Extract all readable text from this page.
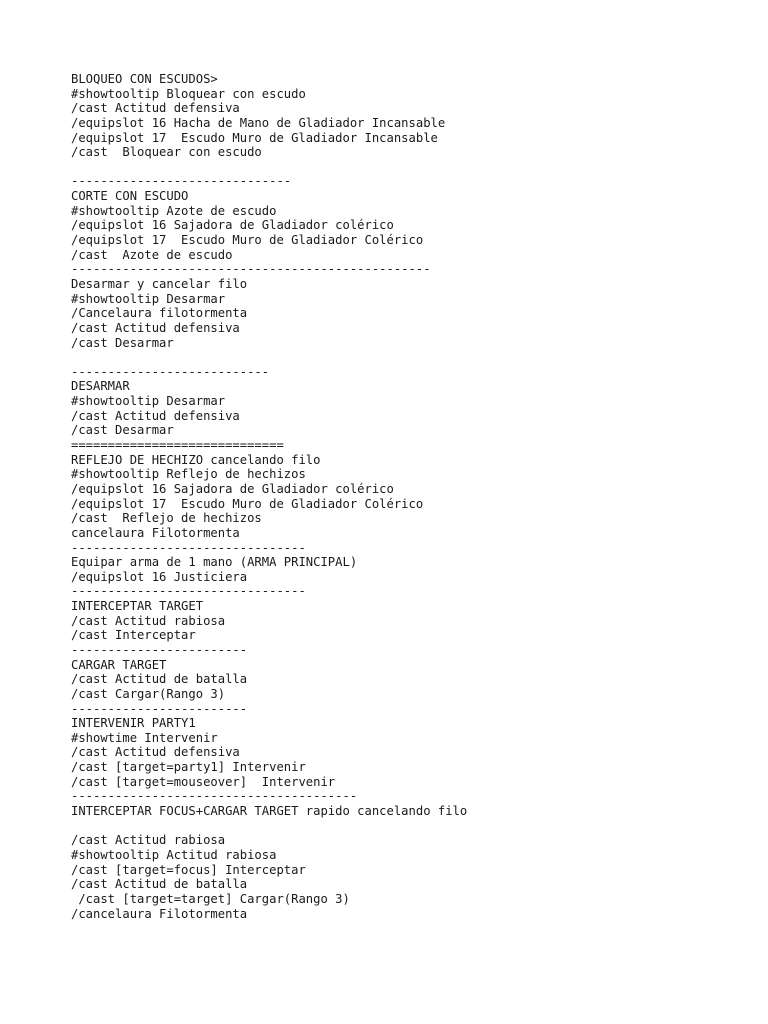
BLOQUEO CON ESCUDOS>
#showtooltip Bloquear con escudo
/cast Actitud defensiva
/equipslot 16 Hacha de Mano de Gladiador Incansable
/equipslot 17  Escudo Muro de Gladiador Incansable
/cast  Bloquear con escudo

------------------------------
CORTE CON ESCUDO
#showtooltip Azote de escudo
/equipslot 16 Sajadora de Gladiador colérico
/equipslot 17  Escudo Muro de Gladiador Colérico
/cast  Azote de escudo
-------------------------------------------------
Desarmar y cancelar filo
#showtooltip Desarmar
/Cancelaura filotormenta
/cast Actitud defensiva
/cast Desarmar

---------------------------
DESARMAR
#showtooltip Desarmar
/cast Actitud defensiva
/cast Desarmar
=============================
REFLEJO DE HECHIZO cancelando filo
#showtooltip Reflejo de hechizos
/equipslot 16 Sajadora de Gladiador colérico
/equipslot 17  Escudo Muro de Gladiador Colérico
/cast  Reflejo de hechizos
cancelaura Filotormenta
--------------------------------
Equipar arma de 1 mano (ARMA PRINCIPAL)
/equipslot 16 Justiciera
--------------------------------
INTERCEPTAR TARGET
/cast Actitud rabiosa
/cast Interceptar
------------------------
CARGAR TARGET
/cast Actitud de batalla
/cast Cargar(Rango 3)
------------------------
INTERVENIR PARTY1
#showtime Intervenir
/cast Actitud defensiva
/cast [target=party1] Intervenir
/cast [target=mouseover]  Intervenir
---------------------------------------
INTERCEPTAR FOCUS+CARGAR TARGET rapido cancelando filo

/cast Actitud rabiosa
#showtooltip Actitud rabiosa
/cast [target=focus] Interceptar
/cast Actitud de batalla
/cast [target=target] Cargar(Rango 3)
/cancelaura Filotormenta
